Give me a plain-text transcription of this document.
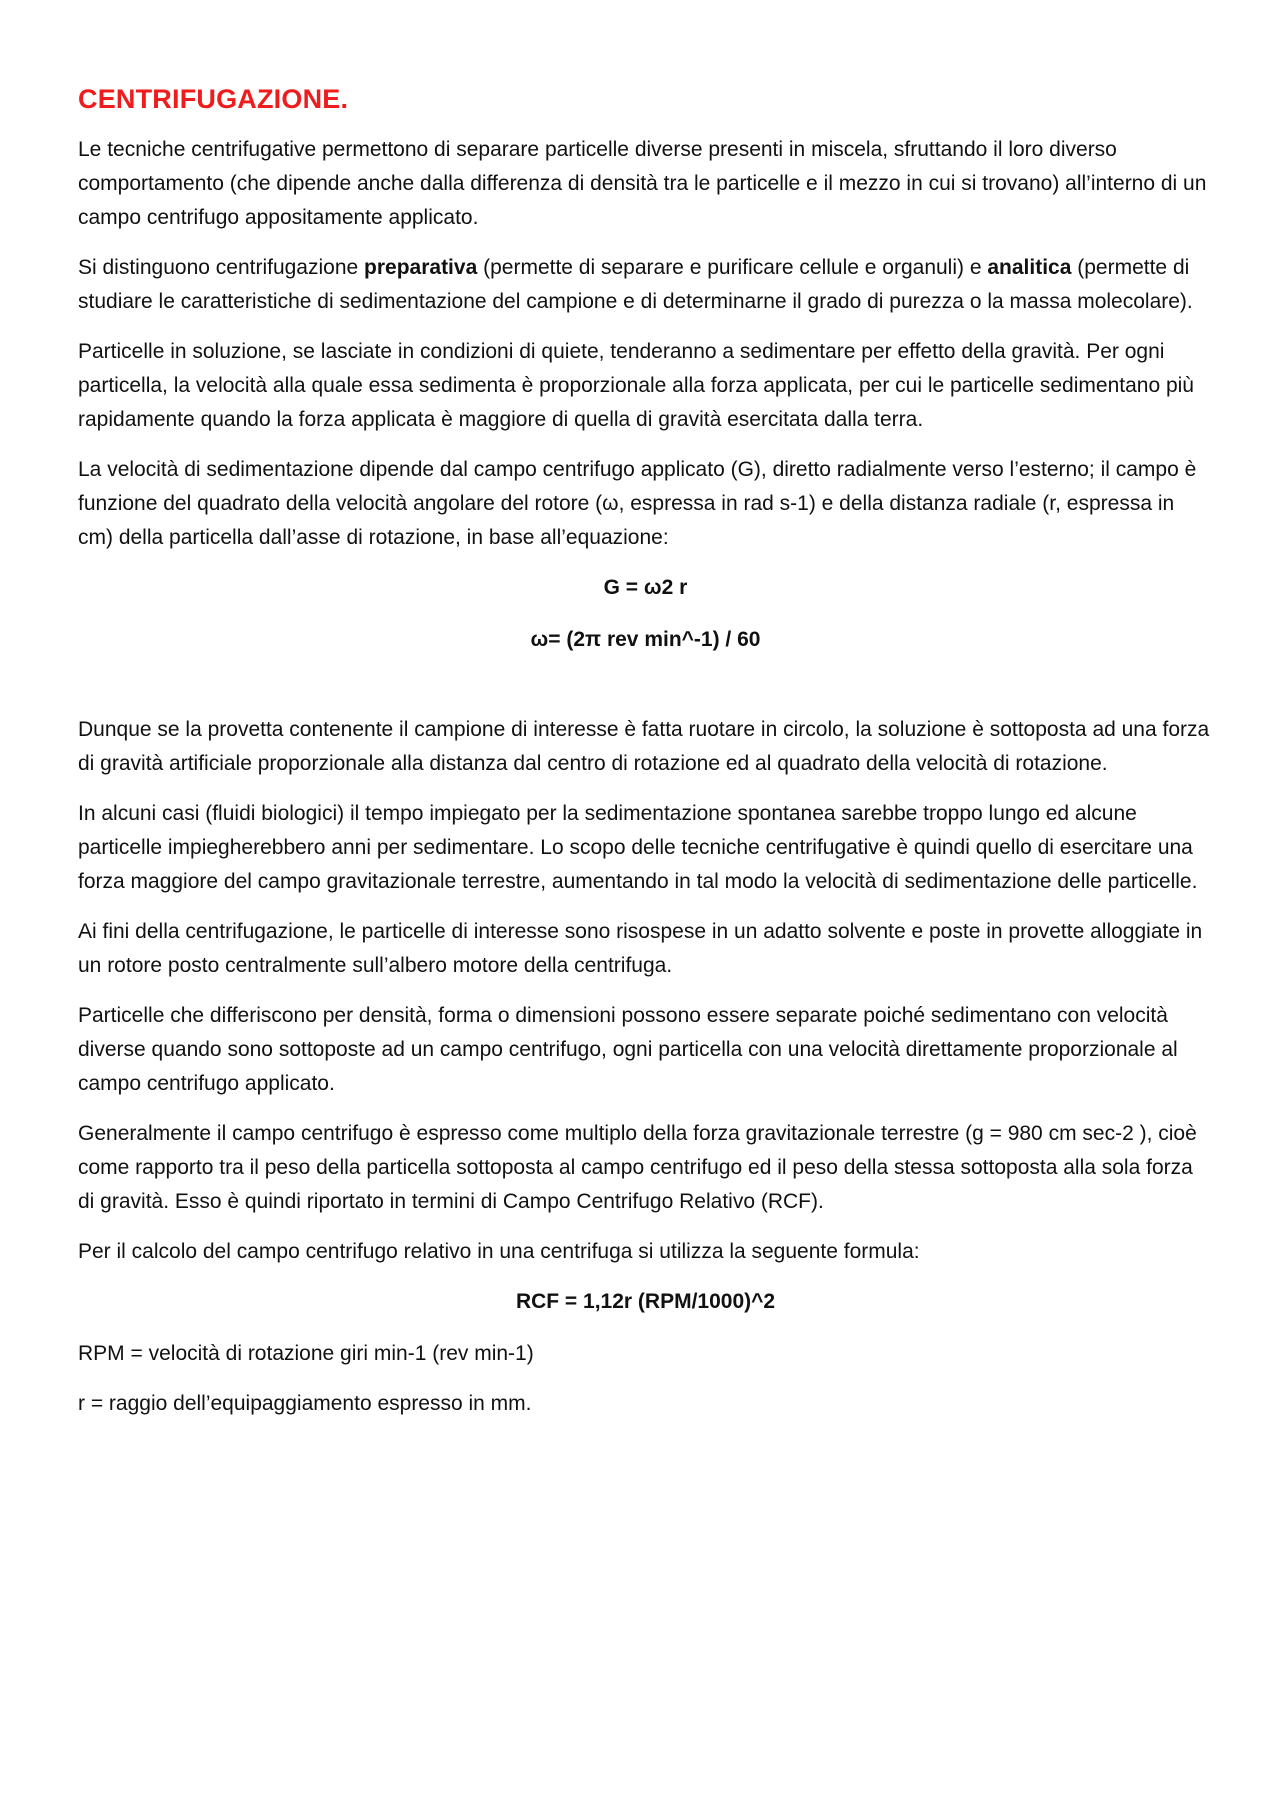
CENTRIFUGAZIONE.

Le tecniche centrifugative permettono di separare particelle diverse presenti in miscela, sfruttando il loro diverso comportamento (che dipende anche dalla differenza di densità tra le particelle e il mezzo in cui si trovano) all’interno di un campo centrifugo appositamente applicato.

Si distinguono centrifugazione preparativa (permette di separare e purificare cellule e organuli) e analitica (permette di studiare le caratteristiche di sedimentazione del campione e di determinarne il grado di purezza o la massa molecolare).

Particelle in soluzione, se lasciate in condizioni di quiete, tenderanno a sedimentare per effetto della gravità. Per ogni particella, la velocità alla quale essa sedimenta è proporzionale alla forza applicata, per cui le particelle sedimentano più rapidamente quando la forza applicata è maggiore di quella di gravità esercitata dalla terra.

La velocità di sedimentazione dipende dal campo centrifugo applicato (G), diretto radialmente verso l’esterno; il campo è funzione del quadrato della velocità angolare del rotore (ω, espressa in rad s-1) e della distanza radiale (r, espressa in cm) della particella dall’asse di rotazione, in base all’equazione:

G = ω2 r
ω= (2π rev min^-1) / 60

Dunque se la provetta contenente il campione di interesse è fatta ruotare in circolo, la soluzione è sottoposta ad una forza di gravità artificiale proporzionale alla distanza dal centro di rotazione ed al quadrato della velocità di rotazione.

In alcuni casi (fluidi biologici) il tempo impiegato per la sedimentazione spontanea sarebbe troppo lungo ed alcune particelle impiegherebbero anni per sedimentare. Lo scopo delle tecniche centrifugative è quindi quello di esercitare una forza maggiore del campo gravitazionale terrestre, aumentando in tal modo la velocità di sedimentazione delle particelle.

Ai fini della centrifugazione, le particelle di interesse sono risospese in un adatto solvente e poste in provette alloggiate in un rotore posto centralmente sull’albero motore della centrifuga.

Particelle che differiscono per densità, forma o dimensioni possono essere separate poiché sedimentano con velocità diverse quando sono sottoposte ad un campo centrifugo, ogni particella con una velocità direttamente proporzionale al campo centrifugo applicato.

Generalmente il campo centrifugo è espresso come multiplo della forza gravitazionale terrestre (g = 980 cm sec-2 ), cioè come rapporto tra il peso della particella sottoposta al campo centrifugo ed il peso della stessa sottoposta alla sola forza di gravità. Esso è quindi riportato in termini di Campo Centrifugo Relativo (RCF).

Per il calcolo del campo centrifugo relativo in una centrifuga si utilizza la seguente formula:

RCF = 1,12r (RPM/1000)^2

RPM = velocità di rotazione giri min-1 (rev min-1)

r = raggio dell’equipaggiamento espresso in mm.
